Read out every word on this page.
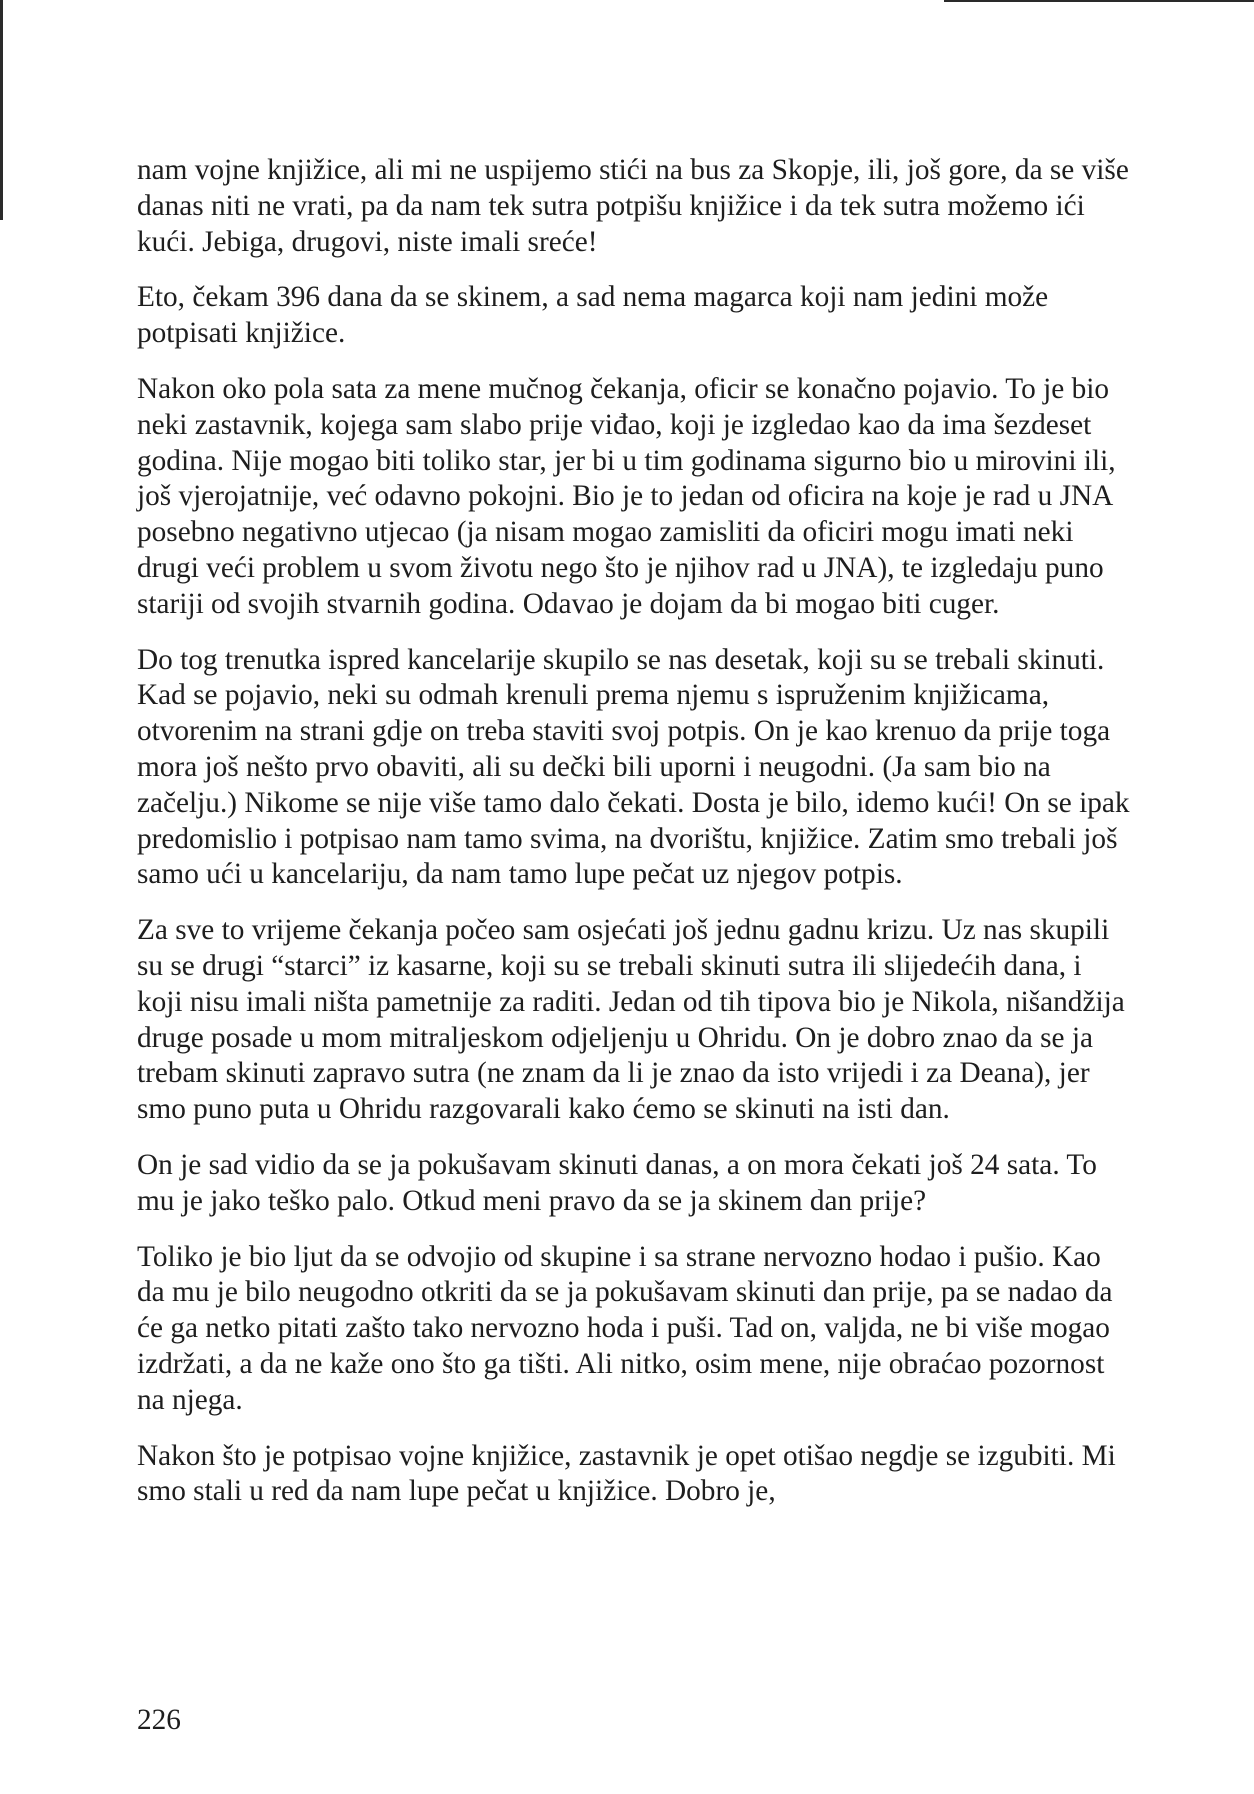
nam vojne knjižice, ali mi ne uspijemo stići na bus za Skopje, ili, još gore, da se više danas niti ne vrati, pa da nam tek sutra potpišu knjižice i da tek sutra možemo ići kući. Jebiga, drugovi, niste imali sreće!

Eto, čekam 396 dana da se skinem, a sad nema magarca koji nam jedini može potpisati knjižice.

Nakon oko pola sata za mene mučnog čekanja, oficir se konačno pojavio. To je bio neki zastavnik, kojega sam slabo prije viđao, koji je izgledao kao da ima šezdeset godina. Nije mogao biti toliko star, jer bi u tim godinama sigurno bio u mirovini ili, još vjerojatnije, već odavno pokojni. Bio je to jedan od oficira na koje je rad u JNA posebno negativno utjecao (ja nisam mogao zamisliti da oficiri mogu imati neki drugi veći problem u svom životu nego što je njihov rad u JNA), te izgledaju puno stariji od svojih stvarnih godina. Odavao je dojam da bi mogao biti cuger.

Do tog trenutka ispred kancelarije skupilo se nas desetak, koji su se trebali skinuti. Kad se pojavio, neki su odmah krenuli prema njemu s ispruženim knjižicama, otvorenim na strani gdje on treba staviti svoj potpis. On je kao krenuo da prije toga mora još nešto prvo obaviti, ali su dečki bili uporni i neugodni. (Ja sam bio na začelju.) Nikome se nije više tamo dalo čekati. Dosta je bilo, idemo kući! On se ipak predomislio i potpisao nam tamo svima, na dvorištu, knjižice. Zatim smo trebali još samo ući u kancelariju, da nam tamo lupe pečat uz njegov potpis.

Za sve to vrijeme čekanja počeo sam osjećati još jednu gadnu krizu. Uz nas skupili su se drugi “starci” iz kasarne, koji su se trebali skinuti sutra ili slijedećih dana, i koji nisu imali ništa pametnije za raditi. Jedan od tih tipova bio je Nikola, nišandžija druge posade u mom mitraljeskom odjeljenju u Ohridu. On je dobro znao da se ja trebam skinuti zapravo sutra (ne znam da li je znao da isto vrijedi i za Deana), jer smo puno puta u Ohridu razgovarali kako ćemo se skinuti na isti dan.

On je sad vidio da se ja pokušavam skinuti danas, a on mora čekati još 24 sata. To mu je jako teško palo. Otkud meni pravo da se ja skinem dan prije?

Toliko je bio ljut da se odvojio od skupine i sa strane nervozno hodao i pušio. Kao da mu je bilo neugodno otkriti da se ja pokušavam skinuti dan prije, pa se nadao da će ga netko pitati zašto tako nervozno hoda i puši. Tad on, valjda, ne bi više mogao izdržati, a da ne kaže ono što ga tišti. Ali nitko, osim mene, nije obraćao pozornost na njega.

Nakon što je potpisao vojne knjižice, zastavnik je opet otišao negdje se izgubiti. Mi smo stali u red da nam lupe pečat u knjižice. Dobro je,

226
